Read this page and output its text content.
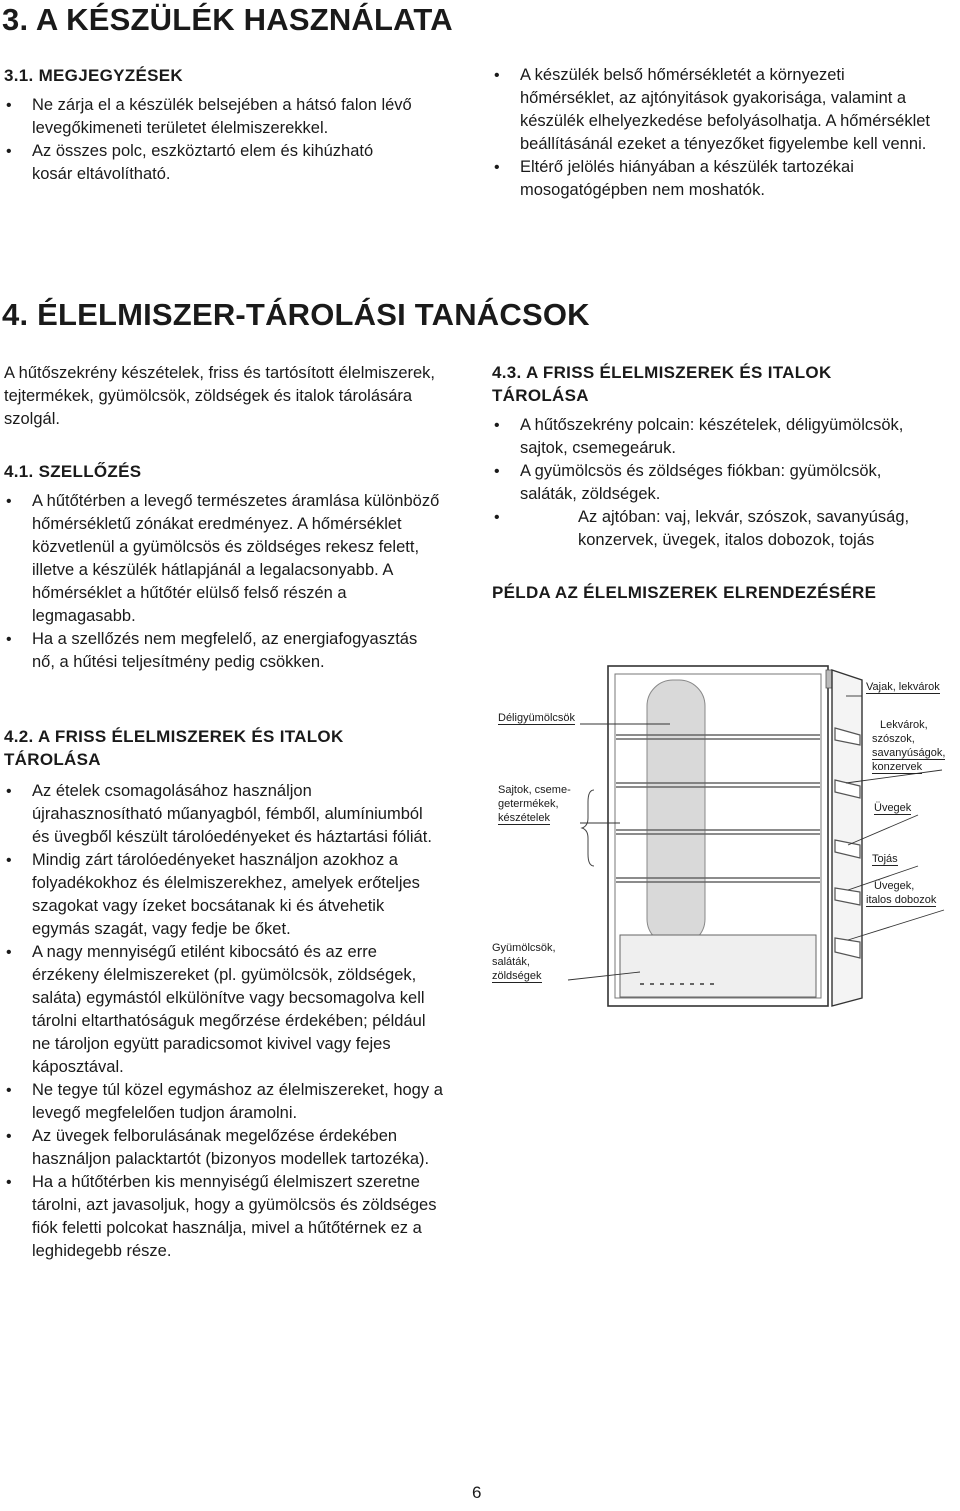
3. A KÉSZÜLÉK HASZNÁLATA
3.1. MEGJEGYZÉSEK
• Ne zárja el a készülék belsejében a hátsó falon lévő levegőkimeneti területet élelmiszerekkel.
• Az összes polc, eszköztartó elem és kihúzható kosár eltávolítható.
• A készülék belső hőmérsékletét a környezeti hőmérséklet, az ajtónyitások gyakorisága, valamint a készülék elhelyezkedése befolyásolhatja. A hőmérséklet beállításánál ezeket a tényezőket figyelembe kell venni.
• Eltérő jelölés hiányában a készülék tartozékai mosogatógépben nem moshatók.
4. ÉLELMISZER-TÁROLÁSI TANÁCSOK
A hűtőszekrény készételek, friss és tartósított élelmiszerek, tejtermékek, gyümölcsök, zöldségek és italok tárolására szolgál.
4.1. SZELLŐZÉS
• A hűtőtérben a levegő természetes áramlása különböző hőmérsékletű zónákat eredményez. A hőmérséklet közvetlenül a gyümölcsös és zöldséges rekesz felett, illetve a készülék hátlapjánál a legalacsonyabb. A hőmérséklet a hűtőtér elülső felső részén a legmagasabb.
• Ha a szellőzés nem megfelelő, az energiafogyasztás nő, a hűtési teljesítmény pedig csökken.
4.2. A FRISS ÉLELMISZEREK ÉS ITALOK
TÁROLÁSA
• Az ételek csomagolásához használjon újrahasznosítható műanyagból, fémből, alumíniumból és üvegből készült tárolóedényeket és háztartási fóliát.
• Mindig zárt tárolóedényeket használjon azokhoz a folyadékokhoz és élelmiszerekhez, amelyek erőteljes szagokat vagy ízeket bocsátanak ki és átvehetik egymás szagát, vagy fedje be őket.
• A nagy mennyiségű etilént kibocsátó és az erre érzékeny élelmiszereket (pl. gyümölcsök, zöldségek, saláta) egymástól elkülönítve vagy becsomagolva kell tárolni eltarthatóságuk megőrzése érdekében; például ne tároljon együtt paradicsomot kivivel vagy fejes káposztával.
• Ne tegye túl közel egymáshoz az élelmiszereket, hogy a levegő megfelelően tudjon áramolni.
• Az üvegek felborulásának megelőzése érdekében használjon palacktartót (bizonyos modellek tartozéka).
• Ha a hűtőtérben kis mennyiségű élelmiszert szeretne tárolni, azt javasoljuk, hogy a gyümölcsös és zöldséges fiók feletti polcokat használja, mivel a hűtőtérnek ez a leghidegebb része.
4.3. A FRISS ÉLELMISZEREK ÉS ITALOK
TÁROLÁSA
• A hűtőszekrény polcain: készételek, déligyümölcsök, sajtok, csemegeáruk.
• A gyümölcsös és zöldséges fiókban: gyümölcsök, saláták, zöldségek.
• Az ajtóban: vaj, lekvár, szószok, savanyúság,
konzervek, üvegek, italos dobozok, tojás
PÉLDA AZ ÉLELMISZEREK ELRENDEZÉSÉRE
Déligyümölcsök
Sajtok, cseme-
getermékek,
készételek
Gyümölcsök,
saláták,
zöldségek
Vajak, lekvárok
Lekvárok,
szószok,
savanyúságok,
konzervek
Üvegek
Tojás
Üvegek,
italos dobozok
6
